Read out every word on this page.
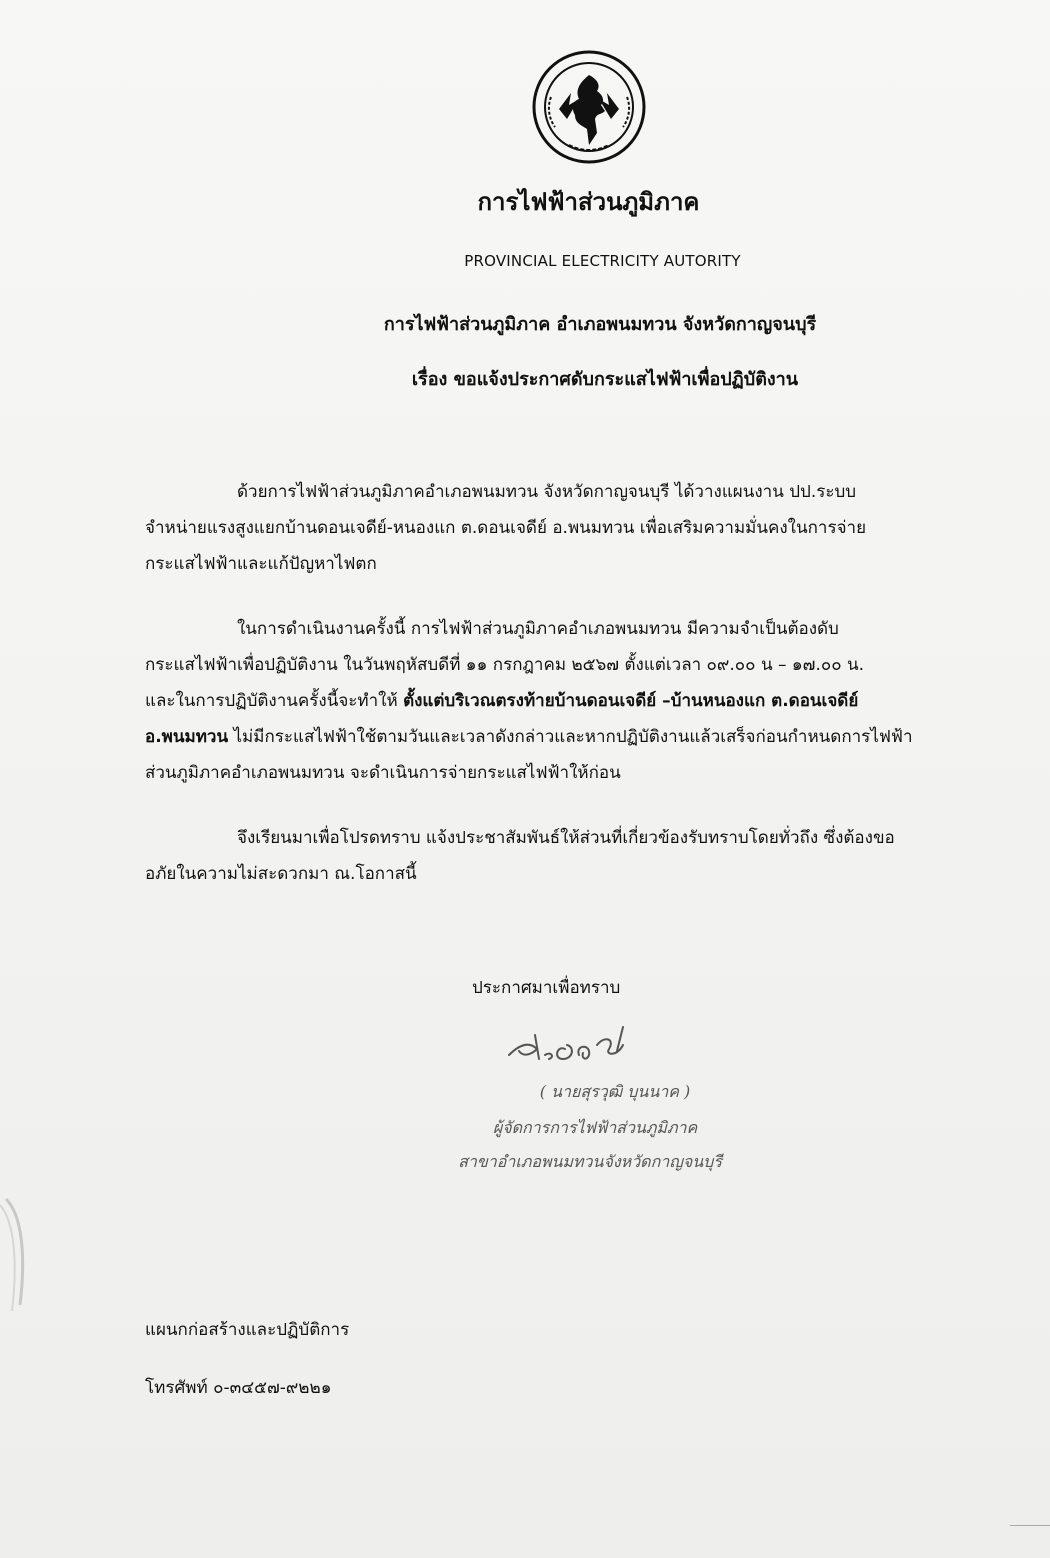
การไฟฟ้าส่วนภูมิภาค
PROVINCIAL ELECTRICITY AUTORITY
การไฟฟ้าส่วนภูมิภาค อำเภอพนมทวน จังหวัดกาญจนบุรี
เรื่อง ขอแจ้งประกาศดับกระแสไฟฟ้าเพื่อปฏิบัติงาน
ด้วยการไฟฟ้าส่วนภูมิภาคอำเภอพนมทวน จังหวัดกาญจนบุรี ได้วางแผนงาน ปป.ระบบ
จำหน่ายแรงสูงแยกบ้านดอนเจดีย์-หนองแก ต.ดอนเจดีย์ อ.พนมทวน เพื่อเสริมความมั่นคงในการจ่าย
กระแสไฟฟ้าและแก้ปัญหาไฟตก
ในการดำเนินงานครั้งนี้ การไฟฟ้าส่วนภูมิภาคอำเภอพนมทวน มีความจำเป็นต้องดับ
กระแสไฟฟ้าเพื่อปฏิบัติงาน ในวันพฤหัสบดีที่ ๑๑ กรกฎาคม ๒๕๖๗ ตั้งแต่เวลา ๐๙.๐๐ น – ๑๗.๐๐ น.
และในการปฏิบัติงานครั้งนี้จะทำให้ ตั้งแต่บริเวณตรงท้ายบ้านดอนเจดีย์ –บ้านหนองแก ต.ดอนเจดีย์
อ.พนมทวน ไม่มีกระแสไฟฟ้าใช้ตามวันและเวลาดังกล่าวและหากปฏิบัติงานแล้วเสร็จก่อนกำหนดการไฟฟ้า
ส่วนภูมิภาคอำเภอพนมทวน จะดำเนินการจ่ายกระแสไฟฟ้าให้ก่อน
จึงเรียนมาเพื่อโปรดทราบ แจ้งประชาสัมพันธ์ให้ส่วนที่เกี่ยวข้องรับทราบโดยทั่วถึง ซึ่งต้องขอ
อภัยในความไม่สะดวกมา ณ.โอกาสนี้
ประกาศมาเพื่อทราบ
( นายสุรวุฒิ บุนนาค )
ผู้จัดการการไฟฟ้าส่วนภูมิภาค
สาขาอำเภอพนมทวนจังหวัดกาญจนบุรี
แผนกก่อสร้างและปฏิบัติการ
โทรศัพท์ ๐-๓๔๕๗-๙๒๒๑
